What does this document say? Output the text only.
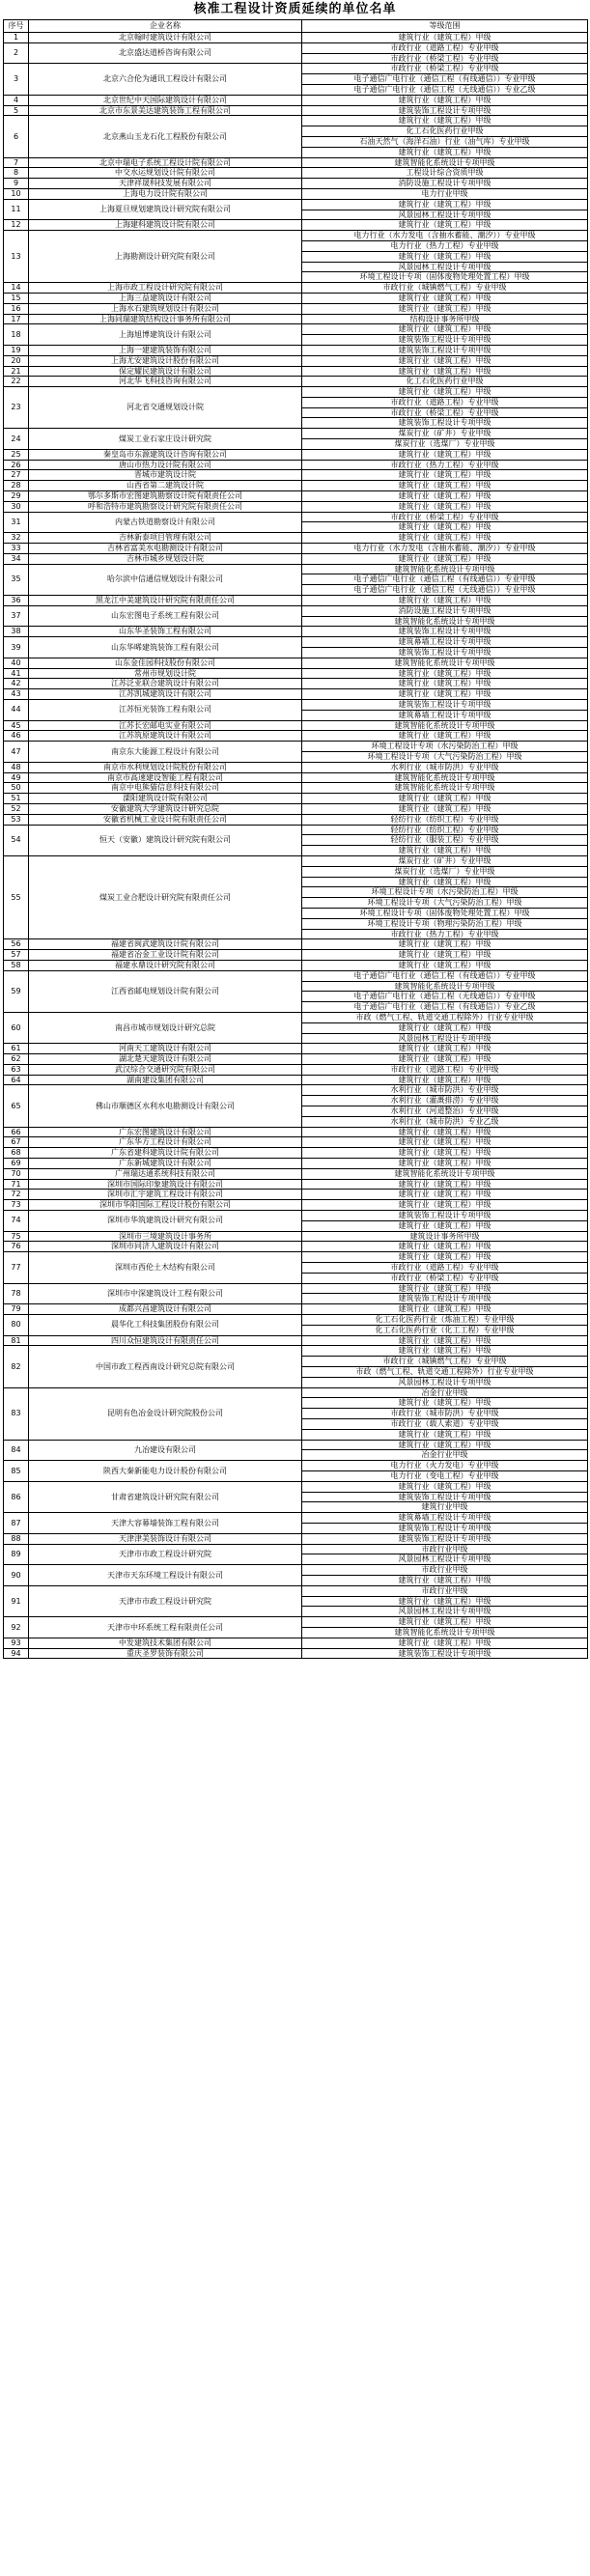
核准工程设计资质延续的单位名单
序号	企业名称	等级范围
1	北京翰时建筑设计有限公司	建筑行业（建筑工程）甲级
2	北京盛达道桥咨询有限公司	市政行业（道路工程）专业甲级
		市政行业（桥梁工程）专业甲级
3	北京六合伦为通讯工程设计有限公司	市政行业（桥梁工程）专业甲级
		电子通信广电行业（通信工程（有线通信））专业甲级
		电子通信广电行业（通信工程（无线通信））专业乙级
4	北京世纪中天国际建筑设计有限公司	建筑行业（建筑工程）甲级
5	北京市东景美达建筑装饰工程有限公司	建筑装饰工程设计专项甲级
6	北京燕山玉龙石化工程股份有限公司	建筑行业（建筑工程）甲级
		化工石化医药行业甲级
		石油天然气（海洋石油）行业（油气库）专业甲级
		建筑行业（建筑工程）甲级
7	北京中瑞电子系统工程设计院有限公司	建筑智能化系统设计专项甲级
8	中交水运规划设计院有限公司	工程设计综合资质甲级
9	天津祥晟科技发展有限公司	消防设施工程设计专项甲级
10	上海电力设计院有限公司	电力行业甲级
11	上海夏旦规划建筑设计研究院有限公司	建筑行业（建筑工程）甲级
		风景园林工程设计专项甲级
12	上海建科建筑设计院有限公司	建筑行业（建筑工程）甲级
13	上海勘测设计研究院有限公司	电力行业（水力发电（含抽水蓄能、潮汐））专业甲级
		电力行业（热力工程）专业甲级
		建筑行业（建筑工程）甲级
		风景园林工程设计专项甲级
		环境工程设计专项（固体废物处理处置工程）甲级
14	上海市政工程设计研究院有限公司	市政行业（城镇燃气工程）专业甲级
15	上海三益建筑设计有限公司	建筑行业（建筑工程）甲级
16	上海水石建筑规划设计有限公司	建筑行业（建筑工程）甲级
17	上海同瑞建筑结构设计事务所有限公司	结构设计事务所甲级
18	上海旭博建筑设计有限公司	建筑行业（建筑工程）甲级
		建筑装饰工程设计专项甲级
19	上海一建建筑装饰有限公司	建筑装饰工程设计专项甲级
20	上海尤安建筑设计股份有限公司	建筑行业（建筑工程）甲级
21	保定耀民建筑设计有限公司	建筑行业（建筑工程）甲级
22	河北华飞科技咨询有限公司	化工石化医药行业甲级
23	河北省交通规划设计院	建筑行业（建筑工程）甲级
		市政行业（道路工程）专业甲级
		市政行业（桥梁工程）专业甲级
		建筑装饰工程设计专项甲级
24	煤炭工业石家庄设计研究院	煤炭行业（矿井）专业甲级
		煤炭行业（选煤厂）专业甲级
25	秦皇岛市东源建筑设计咨询有限公司	建筑行业（建筑工程）甲级
26	唐山市热力设计院有限公司	市政行业（热力工程）专业甲级
27	晋城市建筑设计院	建筑行业（建筑工程）甲级
28	山西省第二建筑设计院	建筑行业（建筑工程）甲级
29	鄂尔多斯市宏图建筑勘察设计院有限责任公司	建筑行业（建筑工程）甲级
30	呼和浩特市建筑勘察设计研究院有限责任公司	建筑行业（建筑工程）甲级
31	内蒙古铁道勘察设计有限公司	市政行业（桥梁工程）专业甲级
		建筑行业（建筑工程）甲级
32	吉林新泰项目管理有限公司	建筑行业（建筑工程）甲级
33	吉林省富美水电勘测设计有限公司	电力行业（水力发电（含抽水蓄能、潮汐））专业甲级
34	吉林市城乡规划设计院	建筑行业（建筑工程）甲级
35	哈尔滨中信通信规划设计有限公司	建筑智能化系统设计专项甲级
		电子通信广电行业（通信工程（有线通信））专业甲级
		电子通信广电行业（通信工程（无线通信））专业甲级
36	黑龙江中美建筑设计研究院有限责任公司	建筑行业（建筑工程）甲级
37	山东宏图电子系统工程有限公司	消防设施工程设计专项甲级
		建筑智能化系统设计专项甲级
38	山东华圣装饰工程有限公司	建筑装饰工程设计专项甲级
39	山东华晞建筑装饰工程有限公司	建筑幕墙工程设计专项甲级
		建筑装饰工程设计专项甲级
40	山东金佳园科技股份有限公司	建筑智能化系统设计专项甲级
41	常州市规划设计院	建筑行业（建筑工程）甲级
42	江苏泛亚联合建筑设计有限公司	建筑行业（建筑工程）甲级
43	江苏凯城建筑设计有限公司	建筑行业（建筑工程）甲级
44	江苏恒光装饰工程有限公司	建筑装饰工程设计专项甲级
		建筑幕墙工程设计专项甲级
45	江苏长宏邮电实业有限公司	建筑智能化系统设计专项甲级
46	江苏筑原建筑设计有限公司	建筑行业（建筑工程）甲级
47	南京东大能源工程设计有限公司	环境工程设计专项（水污染防治工程）甲级
		环境工程设计专项（大气污染防治工程）甲级
48	南京市水利规划设计院股份有限公司	水利行业（城市防洪）专业甲级
49	南京市高速建设智能工程有限公司	建筑智能化系统设计专项甲级
50	南京中电熊猫信息科技有限公司	建筑智能化系统设计专项甲级
51	溧阳建筑设计院有限公司	建筑行业（建筑工程）甲级
52	安徽建筑大学建筑设计研究总院	建筑行业（建筑工程）甲级
53	安徽省机械工业设计院有限责任公司	轻纺行业（纺织工程）专业甲级
54	恒天（安徽）建筑设计研究院有限公司	轻纺行业（纺织工程）专业甲级
		轻纺行业（服装工程）专业甲级
		建筑行业（建筑工程）甲级
55	煤炭工业合肥设计研究院有限责任公司	煤炭行业（矿井）专业甲级
		煤炭行业（选煤厂）专业甲级
		建筑行业（建筑工程）甲级
		环境工程设计专项（水污染防治工程）甲级
		环境工程设计专项（大气污染防治工程）甲级
		环境工程设计专项（固体废物处理处置工程）甲级
		环境工程设计专项（物理污染防治工程）甲级
		市政行业（热力工程）专业甲级
56	福建省闽武建筑设计院有限公司	建筑行业（建筑工程）甲级
57	福建省冶金工业设计院有限公司	建筑行业（建筑工程）甲级
58	福建永鼎设计研究院有限公司	建筑行业（建筑工程）甲级
59	江西省邮电规划设计院有限公司	电子通信广电行业（通信工程（有线通信））专业甲级
		建筑智能化系统设计专项甲级
		电子通信广电行业（通信工程（无线通信））专业甲级
		电子通信广电行业（通信工程（有线通信））专业乙级
60	南昌市城市规划设计研究总院	市政（燃气工程、轨道交通工程除外）行业专业甲级
		建筑行业（建筑工程）甲级
		风景园林工程设计专项甲级
61	河南天工建筑设计有限公司	建筑行业（建筑工程）甲级
62	湖北楚天建筑设计有限公司	建筑行业（建筑工程）甲级
63	武汉综合交通研究院有限公司	市政行业（道路工程）专业甲级
64	湖南建设集团有限公司	建筑行业（建筑工程）甲级
65	佛山市顺德区水利水电勘测设计有限公司	水利行业（城市防洪）专业甲级
		水利行业（灌溉排涝）专业甲级
		水利行业（河道整治）专业甲级
		水利行业（城市防洪）专业乙级
66	广东宏图建筑设计有限公司	建筑行业（建筑工程）甲级
67	广东华方工程设计有限公司	建筑行业（建筑工程）甲级
68	广东省建科建筑设计院有限公司	建筑行业（建筑工程）甲级
69	广东新城建筑设计有限公司	建筑行业（建筑工程）甲级
70	广州瑞达通系统科技有限公司	建筑智能化系统设计专项甲级
71	深圳市国际印象建筑设计有限公司	建筑行业（建筑工程）甲级
72	深圳市汇宇建筑工程设计有限公司	建筑行业（建筑工程）甲级
73	深圳市华阳国际工程设计股份有限公司	建筑行业（建筑工程）甲级
74	深圳市华筑建筑设计研究有限公司	建筑装饰工程设计专项甲级
		建筑行业（建筑工程）甲级
75	深圳市三境建筑设计事务所	建筑设计事务所甲级
76	深圳市同济人建筑设计有限公司	建筑行业（建筑工程）甲级
77	深圳市西伦土木结构有限公司	建筑行业（建筑工程）甲级
		市政行业（道路工程）专业甲级
		市政行业（桥梁工程）专业甲级
78	深圳市中深建筑设计工程有限公司	建筑行业（建筑工程）甲级
		建筑装饰工程设计专项甲级
79	成都兴昌建筑设计有限公司	建筑行业（建筑工程）甲级
80	晨华化工科技集团股份有限公司	化工石化医药行业（炼油工程）专业甲级
		化工石化医药行业（化工工程）专业甲级
81	四川众恒建筑设计有限责任公司	建筑行业（建筑工程）甲级
82	中国市政工程西南设计研究总院有限公司	建筑行业（建筑工程）甲级
		市政行业（城镇燃气工程）专业甲级
		市政（燃气工程、轨道交通工程除外）行业专业甲级
		风景园林工程设计专项甲级
83	昆明有色冶金设计研究院股份公司	冶金行业甲级
		建筑行业（建筑工程）甲级
		市政行业（城市防洪）专业甲级
		市政行业（载人索道）专业甲级
		建筑行业（建筑工程）甲级
84	九冶建设有限公司	建筑行业（建筑工程）甲级
		冶金行业甲级
85	陕西大秦新能电力设计股份有限公司	电力行业（火力发电）专业甲级
		电力行业（变电工程）专业甲级
86	甘肃省建筑设计研究院有限公司	建筑行业（建筑工程）甲级
		建筑装饰工程设计专项甲级
		建筑行业甲级
87	天津大容幕墙装饰工程有限公司	建筑幕墙工程设计专项甲级
		建筑装饰工程设计专项甲级
88	天津津美装饰设计有限公司	建筑装饰工程设计专项甲级
89	天津市市政工程设计研究院	市政行业甲级
		风景园林工程设计专项甲级
90	天津市天东环境工程设计有限公司	市政行业甲级
		建筑行业（建筑工程）甲级
91	天津市市政工程设计研究院	市政行业甲级
		建筑行业（建筑工程）甲级
		风景园林工程设计专项甲级
92	天津市中环系统工程有限责任公司	建筑行业（建筑工程）甲级
		建筑智能化系统设计专项甲级
93	中发建筑技术集团有限公司	建筑行业（建筑工程）甲级
94	重庆圣罗装饰有限公司	建筑装饰工程设计专项甲级
